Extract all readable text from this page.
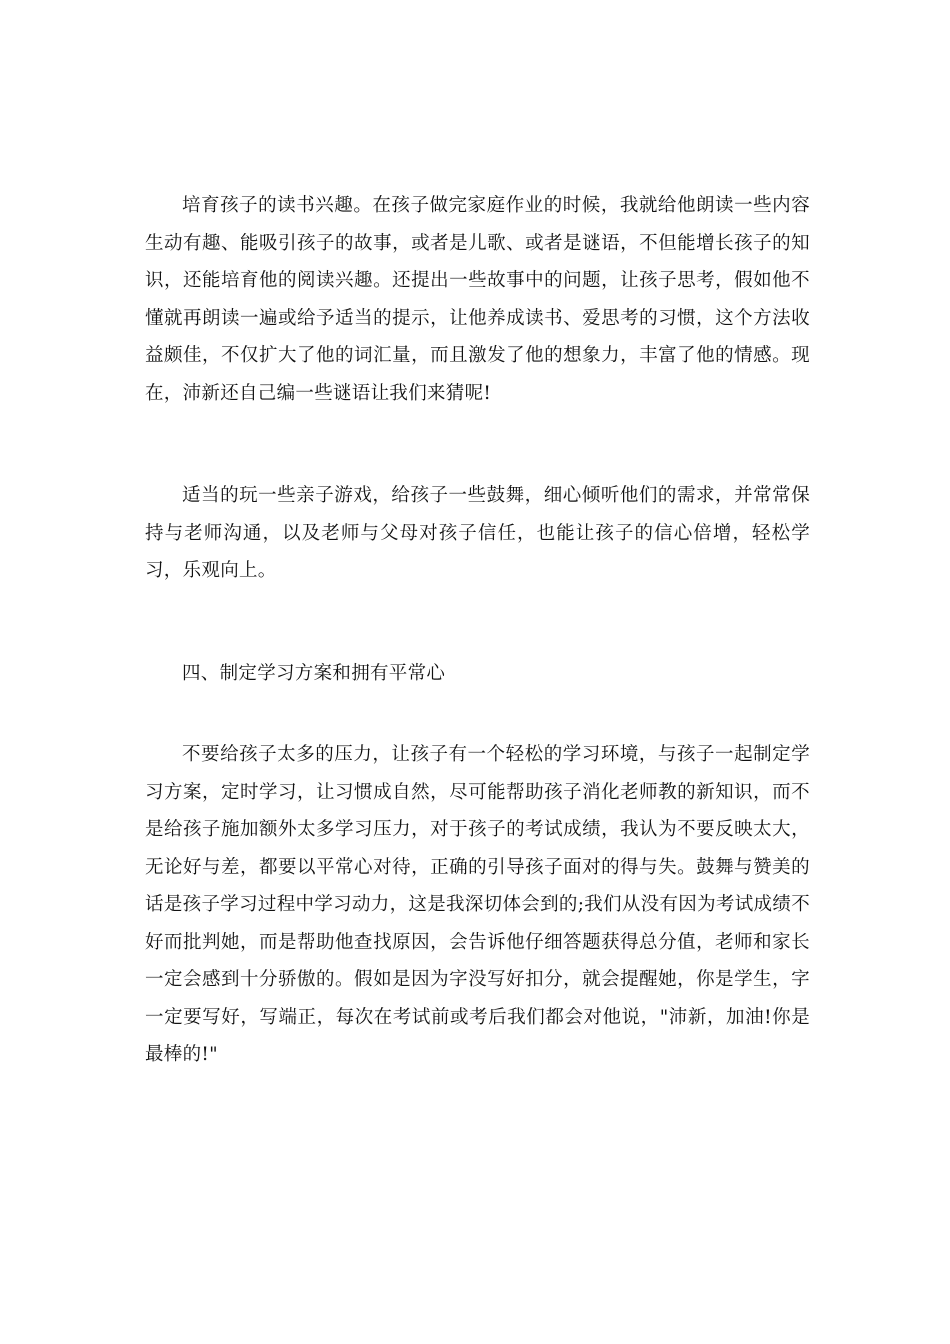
培育孩子的读书兴趣。在孩子做完家庭作业的时候，我就给他朗读一些内容生动有趣、能吸引孩子的故事，或者是儿歌、或者是谜语，不但能增长孩子的知识，还能培育他的阅读兴趣。还提出一些故事中的问题，让孩子思考，假如他不懂就再朗读一遍或给予适当的提示，让他养成读书、爱思考的习惯，这个方法收益颇佳，不仅扩大了他的词汇量，而且激发了他的想象力，丰富了他的情感。现在，沛新还自己编一些谜语让我们来猜呢!

适当的玩一些亲子游戏，给孩子一些鼓舞，细心倾听他们的需求，并常常保持与老师沟通，以及老师与父母对孩子信任，也能让孩子的信心倍增，轻松学习，乐观向上。

四、制定学习方案和拥有平常心

不要给孩子太多的压力，让孩子有一个轻松的学习环境，与孩子一起制定学习方案，定时学习，让习惯成自然，尽可能帮助孩子消化老师教的新知识，而不是给孩子施加额外太多学习压力，对于孩子的考试成绩，我认为不要反映太大，无论好与差，都要以平常心对待，正确的引导孩子面对的得与失。鼓舞与赞美的话是孩子学习过程中学习动力，这是我深切体会到的;我们从没有因为考试成绩不好而批判她，而是帮助他查找原因，会告诉他仔细答题获得总分值，老师和家长一定会感到十分骄傲的。假如是因为字没写好扣分，就会提醒她，你是学生，字一定要写好，写端正，每次在考试前或考后我们都会对他说，"沛新，加油!你是最棒的!"
